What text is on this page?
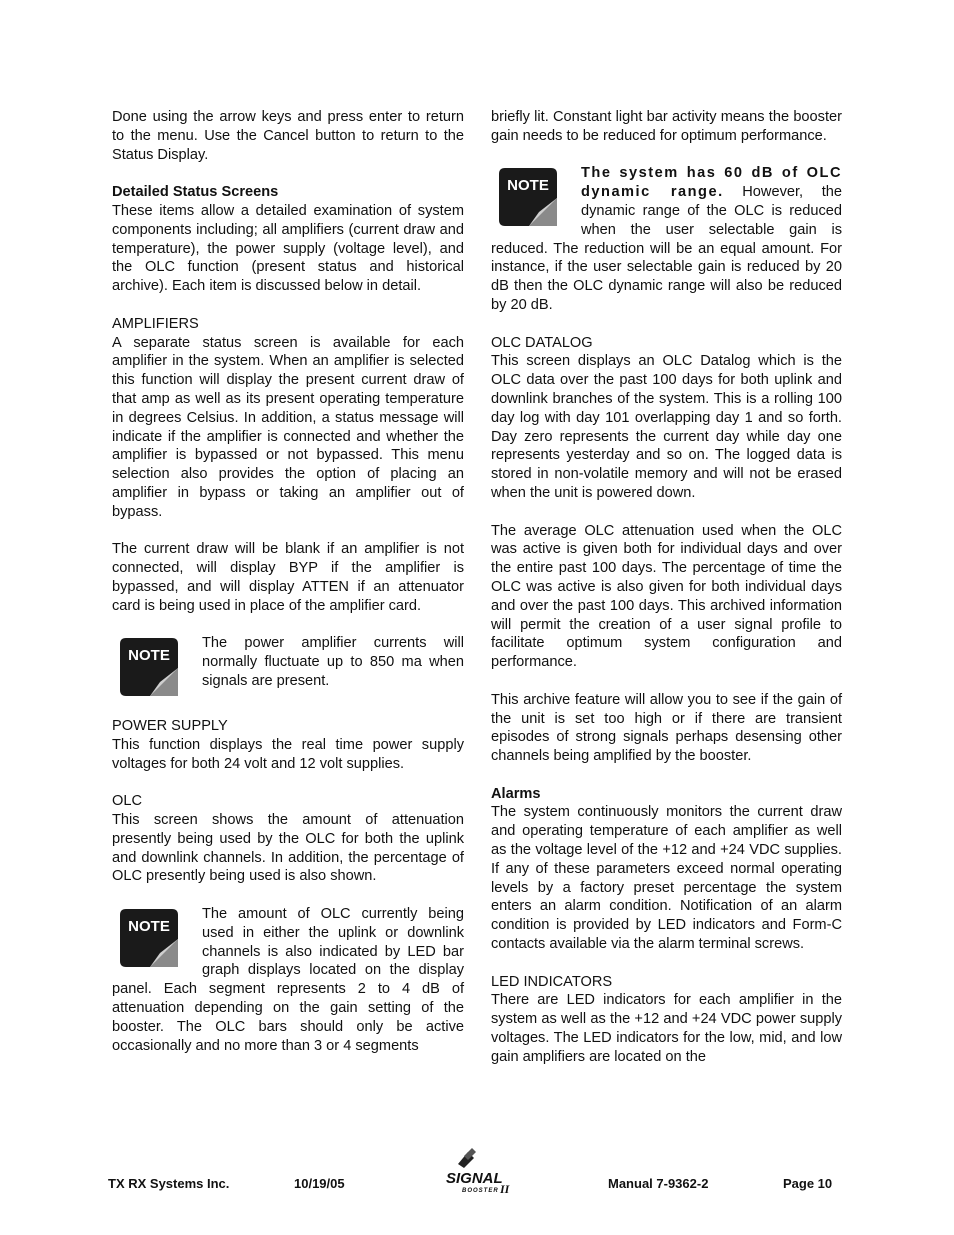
Done using the arrow keys and press enter to return to the menu. Use the Cancel button to return to the Status Display.

Detailed Status Screens

These items allow a detailed examination of system components including; all amplifiers (current draw and temperature), the power supply (voltage level), and the OLC function (present status and historical archive). Each item is discussed below in detail.

AMPLIFIERS

A separate status screen is available for each amplifier in the system. When an amplifier is selected this function will display the present current draw of that amp as well as its present operating temperature in degrees Celsius. In addition, a status message will indicate if the amplifier is connected and whether the amplifier is bypassed or not bypassed. This menu selection also provides the option of placing an amplifier in bypass or taking an amplifier out of bypass.

The current draw will be blank if an amplifier is not connected, will display BYP if the amplifier is bypassed, and will display ATTEN if an attenuator card is being used in place of the amplifier card.

NOTE
The power amplifier currents will normally fluctuate up to 850 ma when signals are present.
POWER SUPPLY

This function displays the real time power supply voltages for both 24 volt and 12 volt supplies.

OLC

This screen shows the amount of attenuation presently being used by the OLC for both the uplink and downlink channels. In addition, the percentage of OLC presently being used is also shown.

NOTE
The amount of OLC currently being used in either the uplink or downlink channels is also indicated by LED bar graph displays located on the display panel. Each segment represents 2 to 4 dB of attenuation depending on the gain setting of the booster. The OLC bars should only be active occasionally and no more than 3 or 4 segments

briefly lit. Constant light bar activity means the booster gain needs to be reduced for optimum performance.

NOTE
The system has 60 dB of OLC dynamic range. However, the dynamic range of the OLC is reduced when the user selectable gain is reduced. The reduction will be an equal amount. For instance, if the user selectable gain is reduced by 20 dB then the OLC dynamic range will also be reduced by 20 dB.
OLC DATALOG

This screen displays an OLC Datalog which is the OLC data over the past 100 days for both uplink and downlink branches of the system. This is a rolling 100 day log with day 101 overlapping day 1 and so forth. Day zero represents the current day while day one represents yesterday and so on. The logged data is stored in non-volatile memory and will not be erased when the unit is powered down.

The average OLC attenuation used when the OLC was active is given both for individual days and over the entire past 100 days. The percentage of time the OLC was active is also given for both individual days and over the past 100 days. This archived information will permit the creation of a user signal profile to facilitate optimum system configuration and performance.

This archive feature will allow you to see if the gain of the unit is set too high or if there are transient episodes of strong signals perhaps desensing other channels being amplified by the booster.

Alarms

The system continuously monitors the current draw and operating temperature of each amplifier as well as the voltage level of the +12 and +24 VDC supplies. If any of these parameters exceed normal operating levels by a factory preset percentage the system enters an alarm condition. Notification of an alarm condition is provided by LED indicators and Form-C contacts available via the alarm terminal screws.

LED INDICATORS

There are LED indicators for each amplifier in the system as well as the +12 and +24 VDC power supply voltages. The LED indicators for the low, mid, and low gain amplifiers are located on the

TX RX Systems Inc.	10/19/05	SIGNAL
BOOSTER II	Manual 7-9362-2	Page 10
